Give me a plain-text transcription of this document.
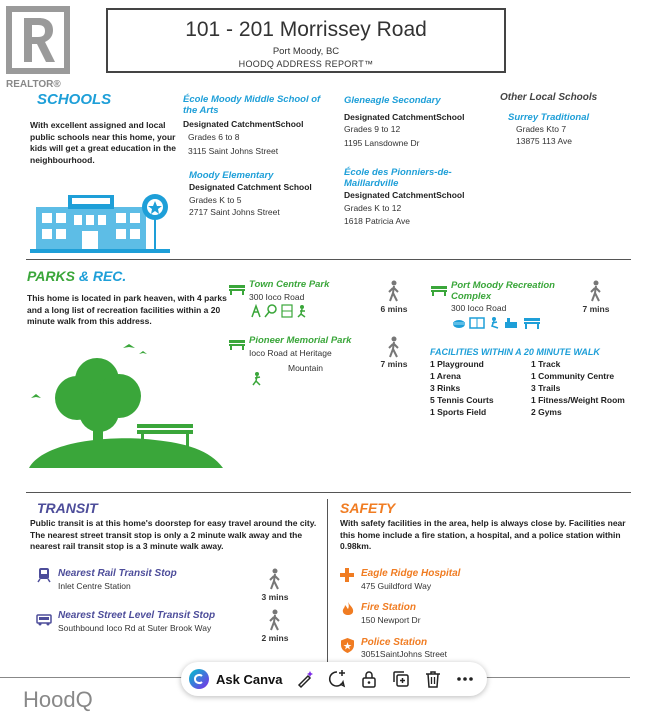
REALTOR®
101 - 201 Morrissey Road
Port Moody, BC
HOODQ ADDRESS REPORT™
SCHOOLS
With excellent assigned and local public schools near this home, your kids will get a great education in the neighbourhood.
École Moody Middle School of the Arts
Designated CatchmentSchool
Grades 6 to 8
3115 Saint Johns Street
Moody Elementary
Designated Catchment School
Grades K to 5
2717 Saint Johns Street
Gleneagle Secondary
Designated CatchmentSchool
Grades 9 to 12
1195 Lansdowne Dr
École des Pionniers-de-Maillardville
Designated CatchmentSchool
Grades K to 12
1618 Patricia Ave
Other Local Schools
Surrey Traditional
Grades Kto 7
13875 113 Ave
PARKS & REC.
This home is located in park heaven, with 4 parks and a long list of recreation facilities within a 20 minute walk from this address.
Town Centre Park
300 Ioco Road
6 mins
Port Moody Recreation Complex
300 Ioco Road	7 mins
Pioneer Memorial Park
Ioco Road at Heritage
Mountain	7 mins
FACILITIES WITHIN A 20 MINUTE WALK
1 Playground
1 Arena
3 Rinks
5 Tennis Courts
1 Sports Field
1 Track
1 Community Centre
3 Trails
1 Fitness/Weight Room
2 Gyms
TRANSIT
Public transit is at this home's doorstep for easy travel around the city. The nearest street transit stop is only a 2 minute walk away and the nearest rail transit stop is a 3 minute walk away.
Nearest Rail Transit Stop
Inlet Centre Station
3 mins
Nearest Street Level Transit Stop
Southbound Ioco Rd at Suter Brook Way
2 mins
SAFETY
With safety facilities in the area, help is always close by. Facilities near this home include a fire station, a hospital, and a police station within 0.98km.
Eagle Ridge Hospital
475 Guildford Way
Fire Station
150 Newport Dr
Police Station
3051SaintJohns Street
HoodQ
Ask Canva
